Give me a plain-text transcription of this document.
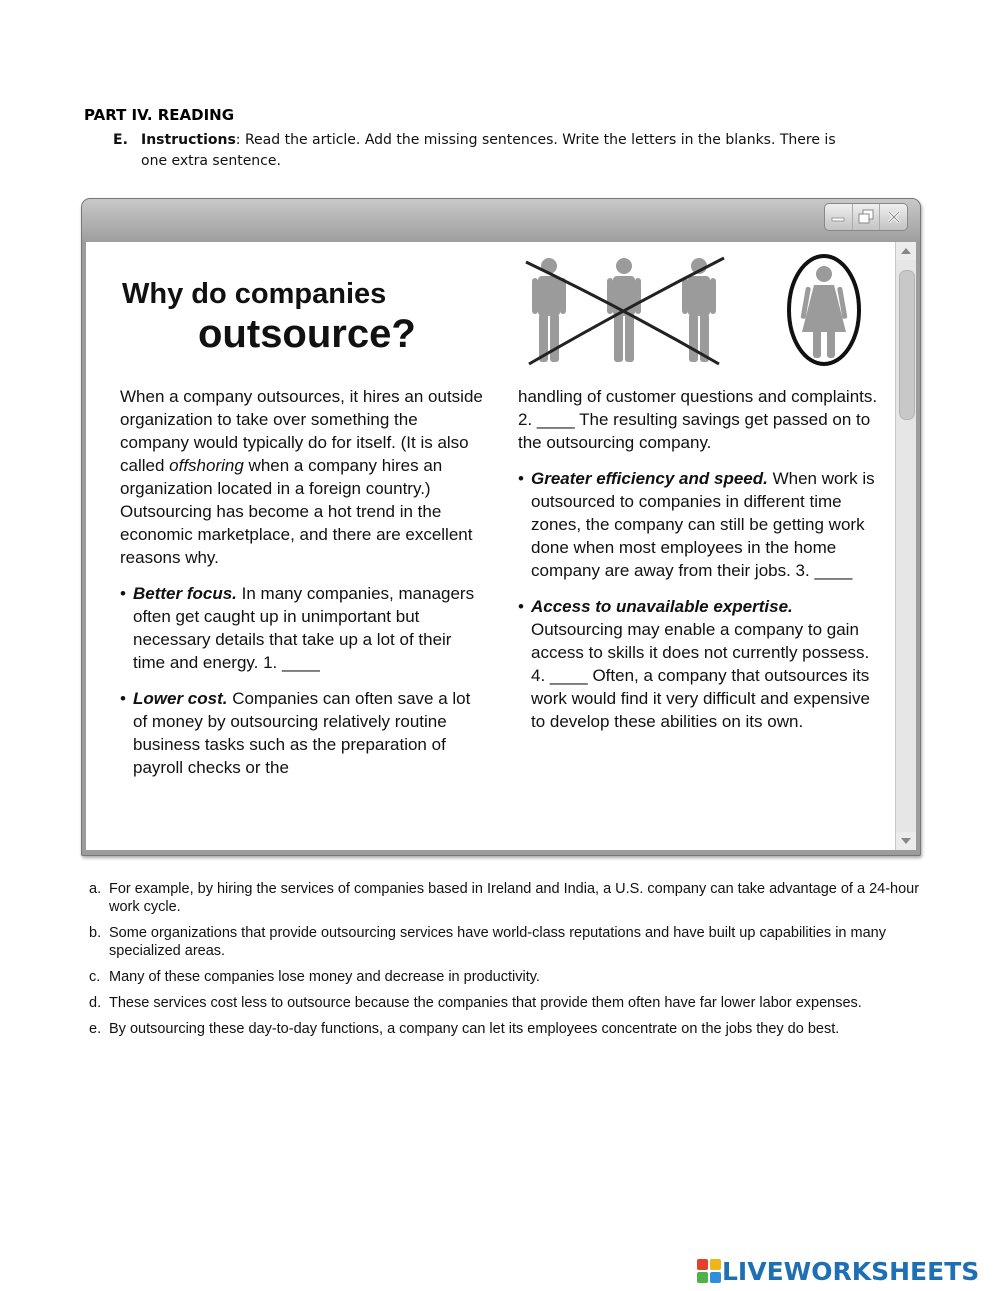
PART IV. READING
E. Instructions: Read the article. Add the missing sentences. Write the letters in the blanks. There is one extra sentence.
Why do companies
outsource?

When a company outsources, it hires an outside organization to take over something the company would typically do for itself. (It is also called offshoring when a company hires an organization located in a foreign country.) Outsourcing has become a hot trend in the economic marketplace, and there are excellent reasons why.

• Better focus. In many companies, managers often get caught up in unimportant but necessary details that take up a lot of their time and energy. 1. ____

• Lower cost. Companies can often save a lot of money by outsourcing relatively routine business tasks such as the preparation of payroll checks or the

handling of customer questions and complaints. 2. ____ The resulting savings get passed on to the outsourcing company.

• Greater efficiency and speed. When work is outsourced to companies in different time zones, the company can still be getting work done when most employees in the home company are away from their jobs. 3. ____

• Access to unavailable expertise. Outsourcing may enable a company to gain access to skills it does not currently possess. 4. ____ Often, a company that outsources its work would find it very difficult and expensive to develop these abilities on its own.

a. For example, by hiring the services of companies based in Ireland and India, a U.S. company can take advantage of a 24-hour work cycle.
b. Some organizations that provide outsourcing services have world-class reputations and have built up capabilities in many specialized areas.
c. Many of these companies lose money and decrease in productivity.
d. These services cost less to outsource because the companies that provide them often have far lower labor expenses.
e. By outsourcing these day-to-day functions, a company can let its employees concentrate on the jobs they do best.
LIVEWORKSHEETS
